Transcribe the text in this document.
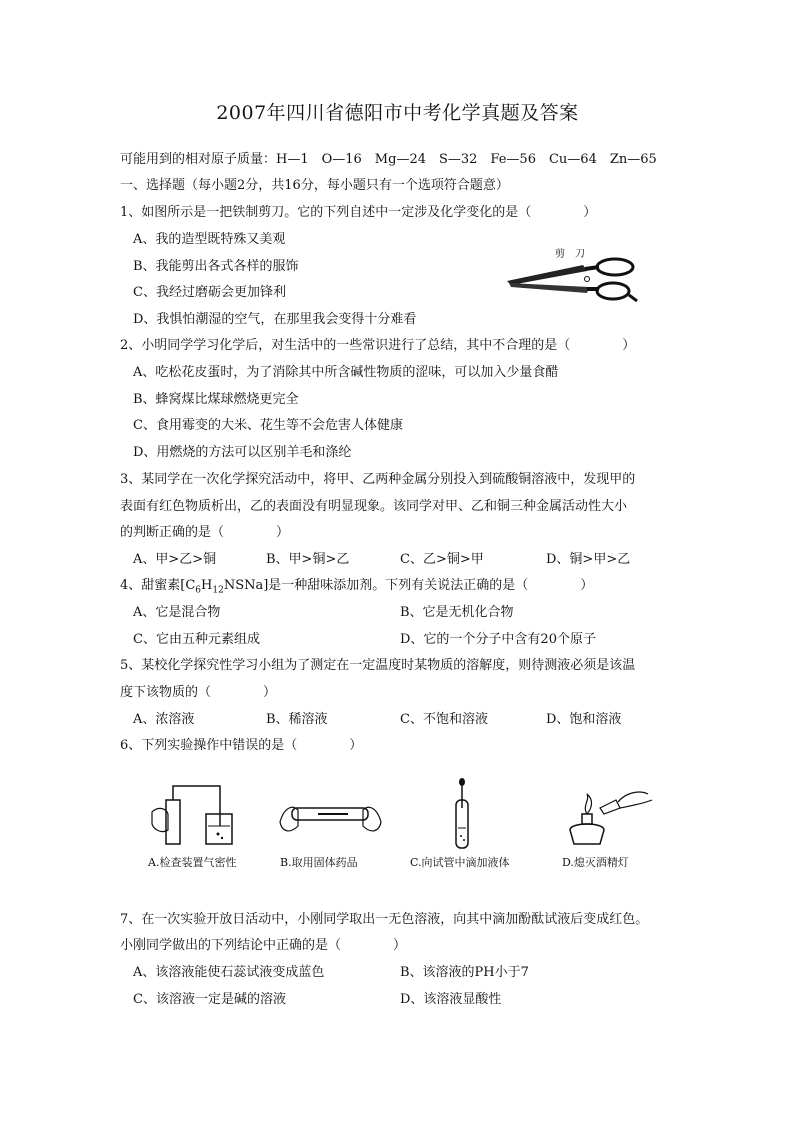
2007年四川省德阳市中考化学真题及答案
可能用到的相对原子质量：H—1　O—16　Mg—24　S—32　Fe—56　Cu—64　Zn—65
一、选择题（每小题2分，共16分，每小题只有一个选项符合题意）
1、如图所示是一把铁制剪刀。它的下列自述中一定涉及化学变化的是（　　　　）
A、我的造型既特殊又美观
B、我能剪出各式各样的服饰
C、我经过磨砺会更加锋利
D、我惧怕潮湿的空气，在那里我会变得十分难看
剪　刀
2、小明同学学习化学后，对生活中的一些常识进行了总结，其中不合理的是（　　　　）
A、吃松花皮蛋时，为了消除其中所含碱性物质的涩味，可以加入少量食醋
B、蜂窝煤比煤球燃烧更完全
C、食用霉变的大米、花生等不会危害人体健康
D、用燃烧的方法可以区别羊毛和涤纶
3、某同学在一次化学探究活动中，将甲、乙两种金属分别投入到硫酸铜溶液中，发现甲的
表面有红色物质析出，乙的表面没有明显现象。该同学对甲、乙和铜三种金属活动性大小
的判断正确的是（　　　　）
A、甲>乙>铜	B、甲>铜>乙	C、乙>铜>甲	D、铜>甲>乙
4、甜蜜素$[C_6H_{12}NSNa]$是一种甜味添加剂。下列有关说法正确的是（　　　　）
A、它是混合物	B、它是无机化合物
C、它由五种元素组成	D、它的一个分子中含有20个原子
5、某校化学探究性学习小组为了测定在一定温度时某物质的溶解度，则待测液必须是该温
度下该物质的（　　　　）
A、浓溶液	B、稀溶液	C、不饱和溶液	D、饱和溶液
6、下列实验操作中错误的是（　　　　）
A.检查装置气密性	B.取用固体药品	C.向试管中滴加液体	D.熄灭酒精灯
7、在一次实验开放日活动中，小刚同学取出一无色溶液，向其中滴加酚酞试液后变成红色。
小刚同学做出的下列结论中正确的是（　　　　）
A、该溶液能使石蕊试液变成蓝色	B、该溶液的PH小于7
C、该溶液一定是碱的溶液	D、该溶液显酸性
